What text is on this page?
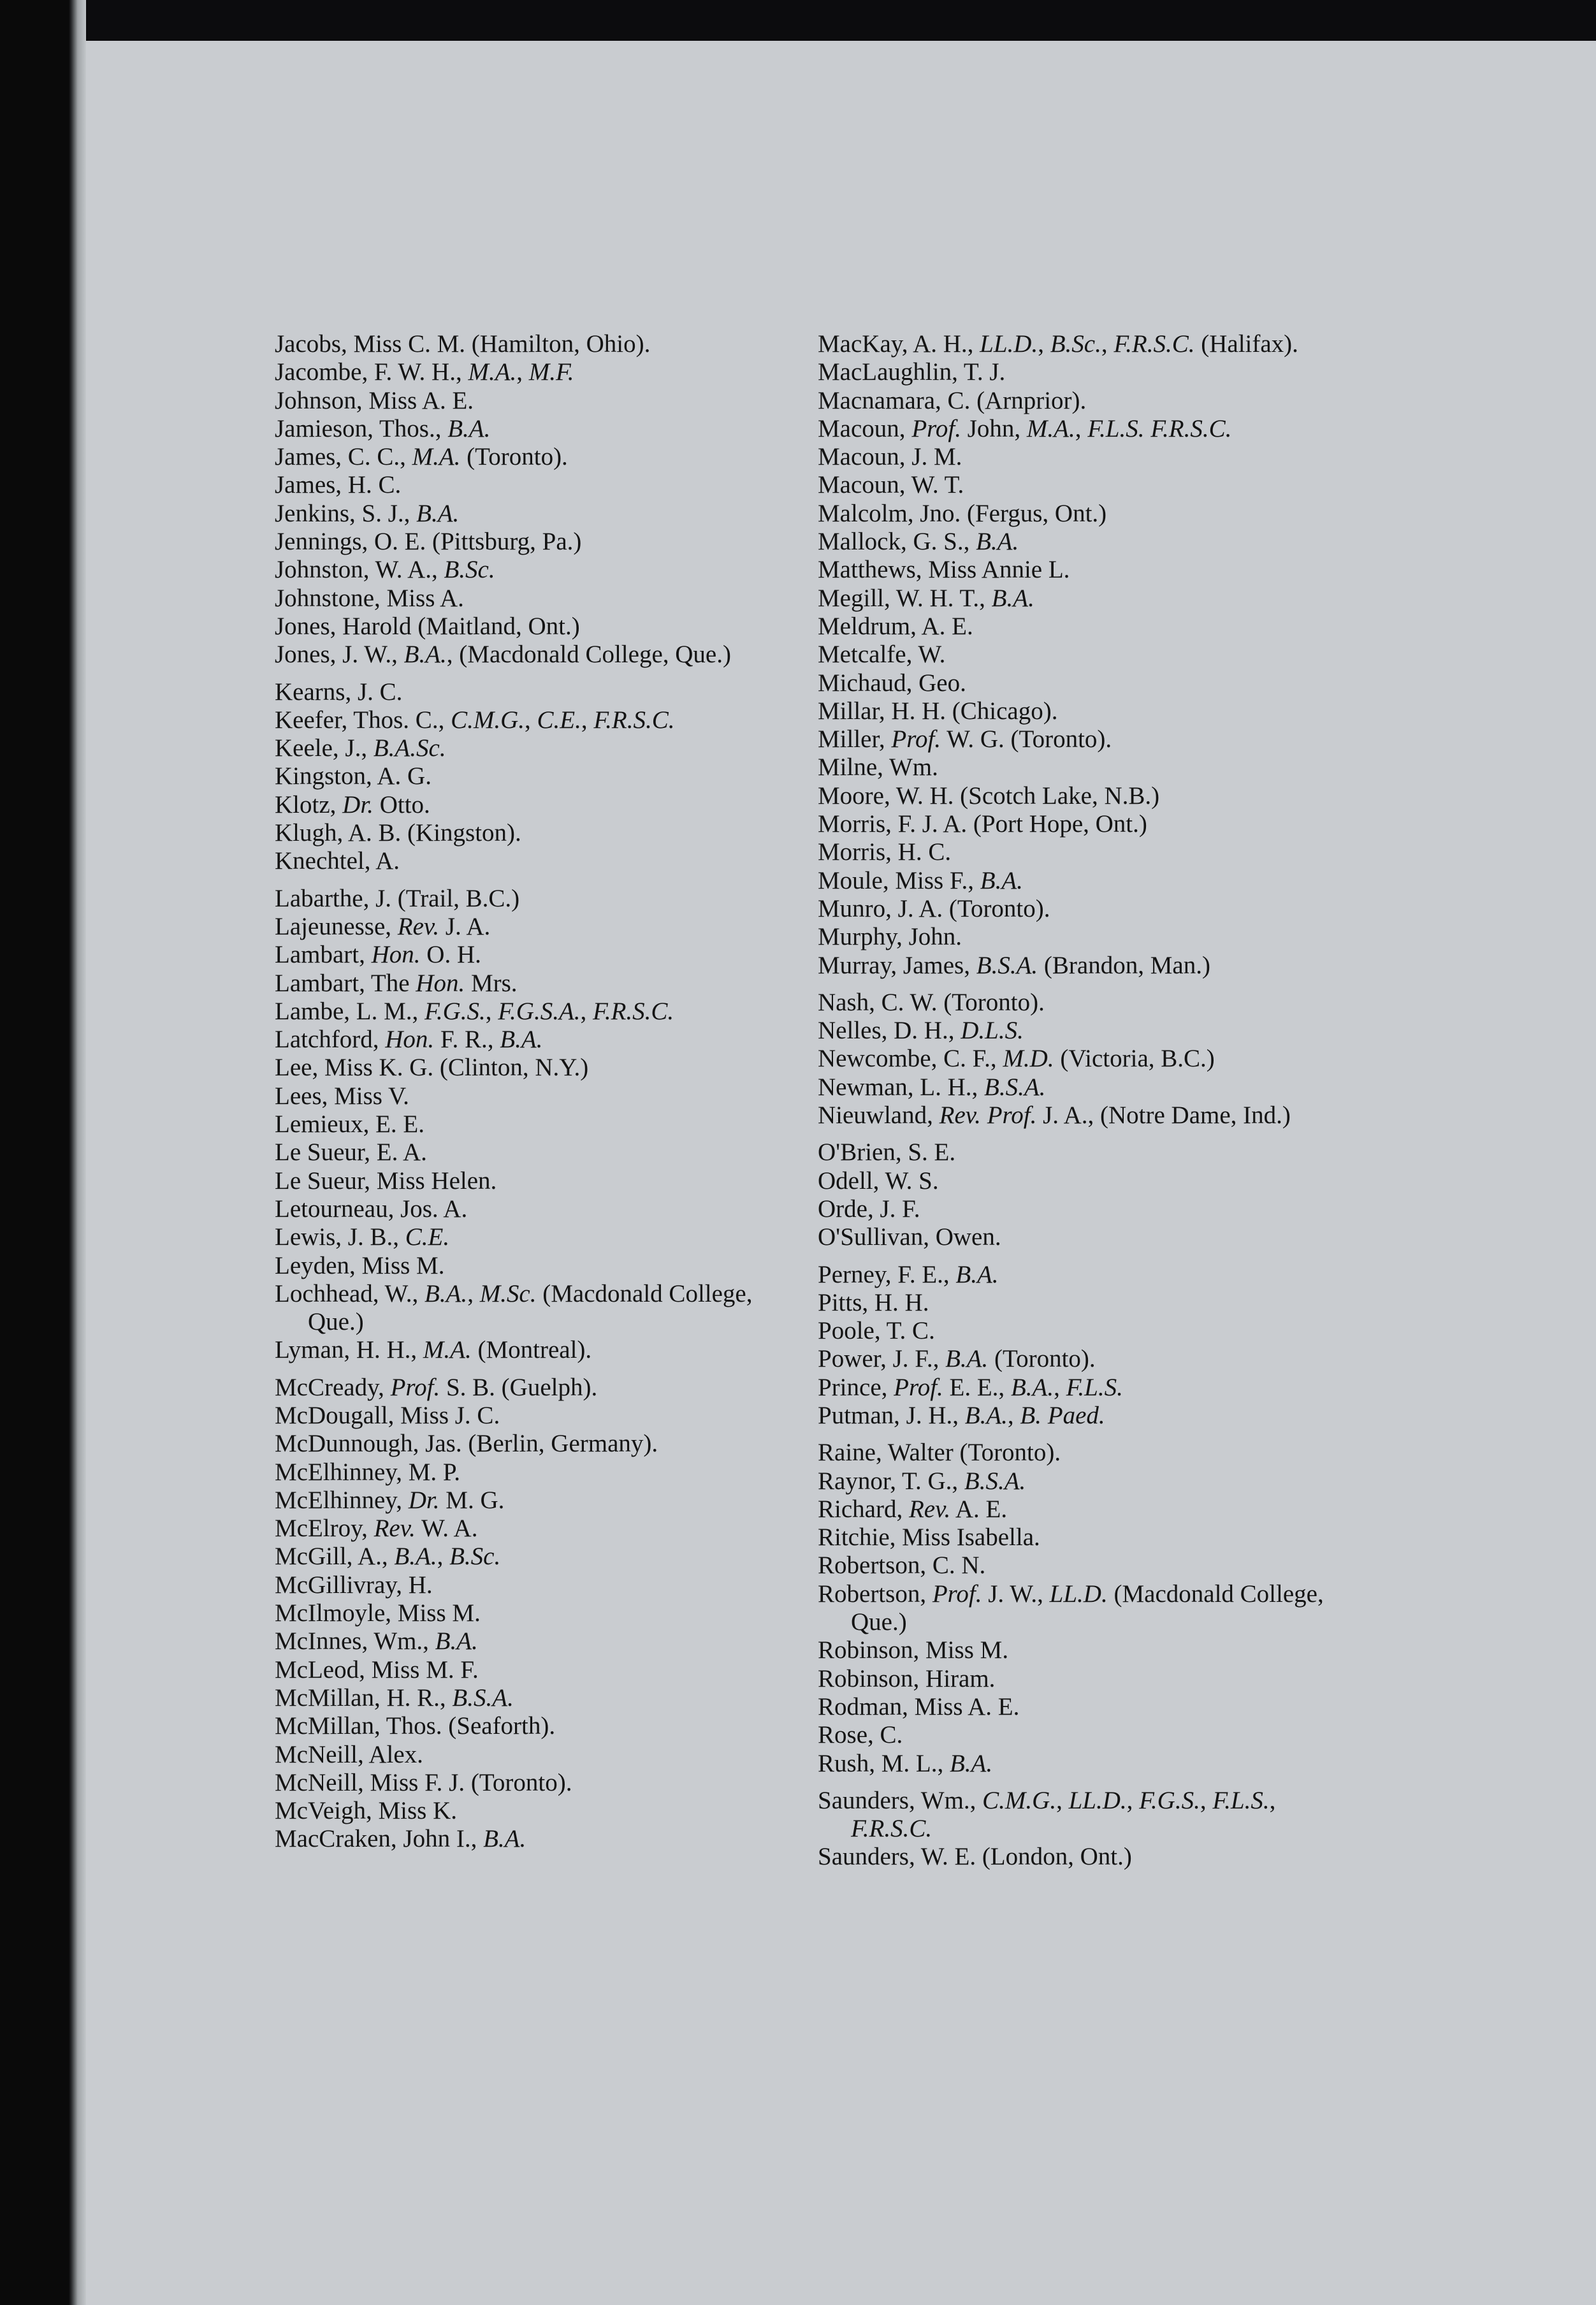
Jacobs, Miss C. M. (Hamilton, Ohio).
Jacombe, F. W. H., M.A., M.F.
Johnson, Miss A. E.
Jamieson, Thos., B.A.
James, C. C., M.A. (Toronto).
James, H. C.
Jenkins, S. J., B.A.
Jennings, O. E. (Pittsburg, Pa.)
Johnston, W. A., B.Sc.
Johnstone, Miss A.
Jones, Harold (Maitland, Ont.)
Jones, J. W., B.A., (Macdonald College, Que.)
Kearns, J. C.
Keefer, Thos. C., C.M.G., C.E., F.R.S.C.
Keele, J., B.A.Sc.
Kingston, A. G.
Klotz, Dr. Otto.
Klugh, A. B. (Kingston).
Knechtel, A.
Labarthe, J. (Trail, B.C.)
Lajeunesse, Rev. J. A.
Lambart, Hon. O. H.
Lambart, The Hon. Mrs.
Lambe, L. M., F.G.S., F.G.S.A., F.R.S.C.
Latchford, Hon. F. R., B.A.
Lee, Miss K. G. (Clinton, N.Y.)
Lees, Miss V.
Lemieux, E. E.
Le Sueur, E. A.
Le Sueur, Miss Helen.
Letourneau, Jos. A.
Lewis, J. B., C.E.
Leyden, Miss M.
Lochhead, W., B.A., M.Sc. (Macdonald College, Que.)
Lyman, H. H., M.A. (Montreal).
McCready, Prof. S. B. (Guelph).
McDougall, Miss J. C.
McDunnough, Jas. (Berlin, Germany).
McElhinney, M. P.
McElhinney, Dr. M. G.
McElroy, Rev. W. A.
McGill, A., B.A., B.Sc.
McGillivray, H.
McIlmoyle, Miss M.
McInnes, Wm., B.A.
McLeod, Miss M. F.
McMillan, H. R., B.S.A.
McMillan, Thos. (Seaforth).
McNeill, Alex.
McNeill, Miss F. J. (Toronto).
McVeigh, Miss K.
MacCraken, John I., B.A.
MacKay, A. H., LL.D., B.Sc., F.R.S.C. (Halifax).
MacLaughlin, T. J.
Macnamara, C. (Arnprior).
Macoun, Prof. John, M.A., F.L.S. F.R.S.C.
Macoun, J. M.
Macoun, W. T.
Malcolm, Jno. (Fergus, Ont.)
Mallock, G. S., B.A.
Matthews, Miss Annie L.
Megill, W. H. T., B.A.
Meldrum, A. E.
Metcalfe, W.
Michaud, Geo.
Millar, H. H. (Chicago).
Miller, Prof. W. G. (Toronto).
Milne, Wm.
Moore, W. H. (Scotch Lake, N.B.)
Morris, F. J. A. (Port Hope, Ont.)
Morris, H. C.
Moule, Miss F., B.A.
Munro, J. A. (Toronto).
Murphy, John.
Murray, James, B.S.A. (Brandon, Man.)
Nash, C. W. (Toronto).
Nelles, D. H., D.L.S.
Newcombe, C. F., M.D. (Victoria, B.C.)
Newman, L. H., B.S.A.
Nieuwland, Rev. Prof. J. A., (Notre Dame, Ind.)
O'Brien, S. E.
Odell, W. S.
Orde, J. F.
O'Sullivan, Owen.
Perney, F. E., B.A.
Pitts, H. H.
Poole, T. C.
Power, J. F., B.A. (Toronto).
Prince, Prof. E. E., B.A., F.L.S.
Putman, J. H., B.A., B. Paed.
Raine, Walter (Toronto).
Raynor, T. G., B.S.A.
Richard, Rev. A. E.
Ritchie, Miss Isabella.
Robertson, C. N.
Robertson, Prof. J. W., LL.D. (Macdonald College, Que.)
Robinson, Miss M.
Robinson, Hiram.
Rodman, Miss A. E.
Rose, C.
Rush, M. L., B.A.
Saunders, Wm., C.M.G., LL.D., F.G.S., F.L.S., F.R.S.C.
Saunders, W. E. (London, Ont.)
